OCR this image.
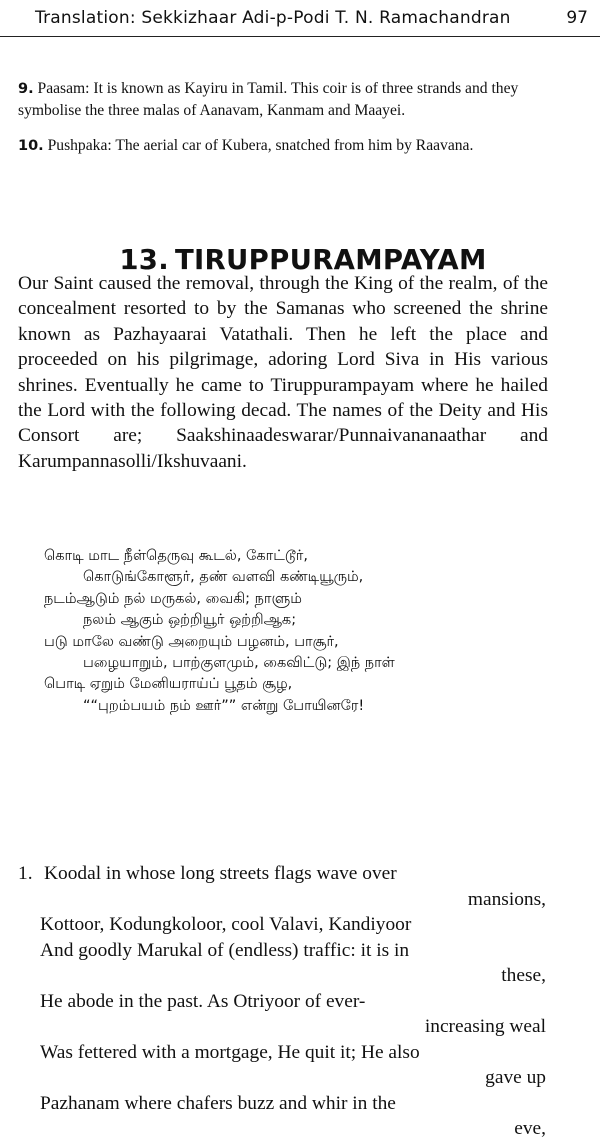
Translation: Sekkizhaar Adi-p-Podi T. N. Ramachandran	97

9. Paasam: It is known as Kayiru in Tamil. This coir is of three strands and they symbolise the three malas of Aanavam, Kanmam and Maayei.

10. Pushpaka: The aerial car of Kubera, snatched from him by Raavana.

13. TIRUPPURAMPAYAM

Our Saint caused the removal, through the King of the realm, of the concealment resorted to by the Samanas who screened the shrine known as Pazhayaarai Vatathali. Then he left the place and proceeded on his pilgrimage, adoring Lord Siva in His various shrines. Eventually he came to Tiruppurampayam where he hailed the Lord with the following decad. The names of the Deity and His Consort are; Saakshinaadeswarar/Punnaivananaathar and Karumpannasolli/Ikshuvaani.

கொடி மாட நீள்தெருவு கூடல், கோட்டூர்,
கொடுங்கோளூர், தண் வளவி கண்டியூரும்,
நடம்ஆடும் நல் மருகல், வைகி; நாளும்
நலம் ஆகும் ஒற்றியூர் ஒற்றிஆக;
படு மாலே வண்டு அறையும் பழனம், பாசூர்,
பழையாறும், பாற்குளமும், கைவிட்டு; இந் நாள்
பொடி ஏறும் மேனியராய்ப் பூதம் சூழ,
““புறம்பயம் நம் ஊர்”” என்று போயினரே!
1. Koodal in whose long streets flags wave over
mansions,
Kottoor, Kodungkoloor, cool Valavi, Kandiyoor
And goodly Marukal of (endless) traffic: it is in
these,
He abode in the past. As Otriyoor of ever-
increasing weal
Was fettered with a mortgage, He quit it; He also
gave up
Pazhanam where chafers buzz and whir in the
eve,
